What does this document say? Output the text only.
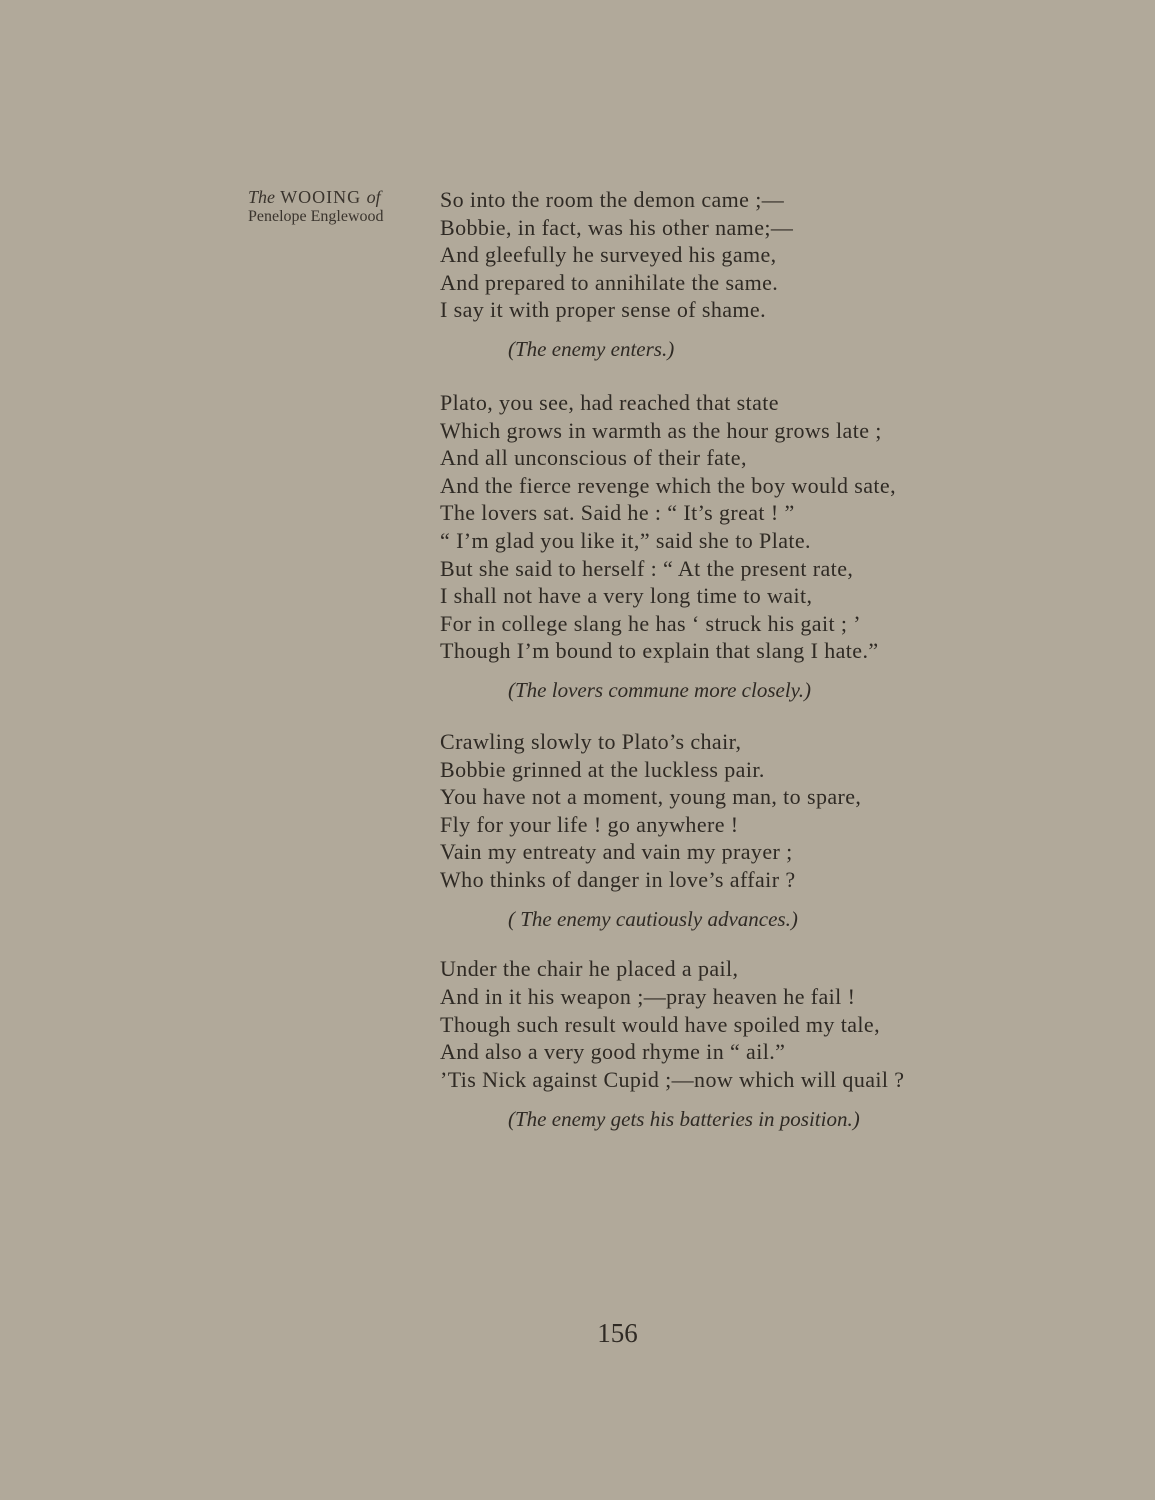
The WOOING of
Penelope Englewood
So into the room the demon came ;—
Bobbie, in fact, was his other name;—
And gleefully he surveyed his game,
And prepared to annihilate the same.
I say it with proper sense of shame.
(The enemy enters.)
Plato, you see, had reached that state
Which grows in warmth as the hour grows late ;
And all unconscious of their fate,
And the fierce revenge which the boy would sate,
The lovers sat. Said he : “ It’s great ! ”
“ I’m glad you like it,” said she to Plate.
But she said to herself : “ At the present rate,
I shall not have a very long time to wait,
For in college slang he has ‘ struck his gait ; ’
Though I’m bound to explain that slang I hate.”
(The lovers commune more closely.)
Crawling slowly to Plato’s chair,
Bobbie grinned at the luckless pair.
You have not a moment, young man, to spare,
Fly for your life ! go anywhere !
Vain my entreaty and vain my prayer ;
Who thinks of danger in love’s affair ?
( The enemy cautiously advances.)
Under the chair he placed a pail,
And in it his weapon ;—pray heaven he fail !
Though such result would have spoiled my tale,
And also a very good rhyme in “ ail.”
’Tis Nick against Cupid ;—now which will quail ?
(The enemy gets his batteries in position.)
156
